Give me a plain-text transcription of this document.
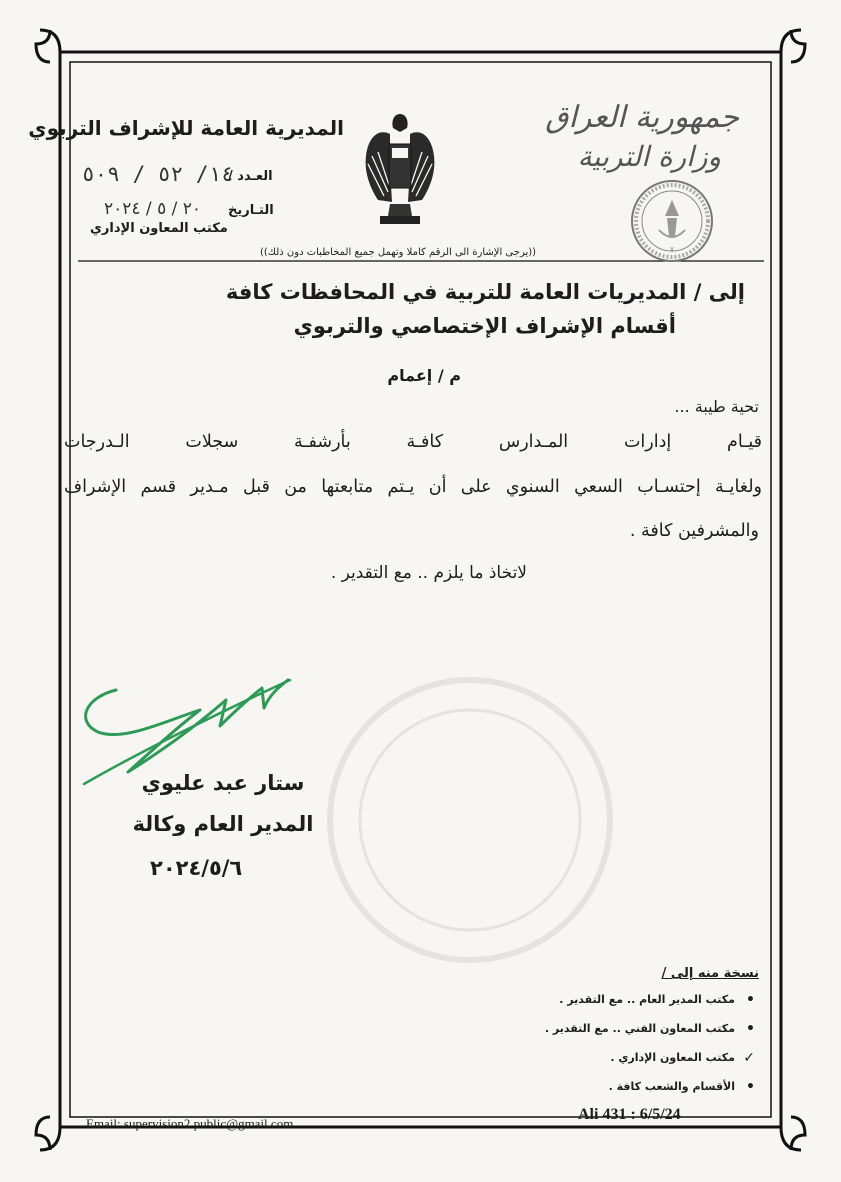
٧
جمهورية العراق
وزارة التربية
المديرية العامة للإشراف التربوي
العـدد /
١٤/ ٥٢ / ٥٠٩
التـاريخ
٢٠ / ٥ / ٢٠٢٤
مكتب المعاون الإداري
((يرجى الإشارة الى الرقم كاملا وتهمل جميع المخاطبات دون ذلك))
إلى / المديريات العامة للتربية في المحافظات كافة
أقسام الإشراف الإختصاصي والتربوي
م / إعمام
تحية طيبة ...
قيـام إدارات المـدارس كافـة بأرشفـة سجلات الـدرجات
ولغايـة إحتسـاب السعي السنوي على أن يـتم متابعتها من قبل مـدير قسم الإشراف
والمشرفين كافة .
لاتخاذ ما يلزم .. مع التقدير .
ستار عبد عليوي
المدير العام وكالة
٢٠٢٤/٥/٦
نسخة منه إلى /
•
مكتب المدير العام .. مع التقدير .
•
مكتب المعاون الفني .. مع التقدير .
✓
مكتب المعاون الإداري .
•
الأقسام والشعب كافة .
Email: supervision2.public@gmail.com
Ali 431 : 6/5/24
